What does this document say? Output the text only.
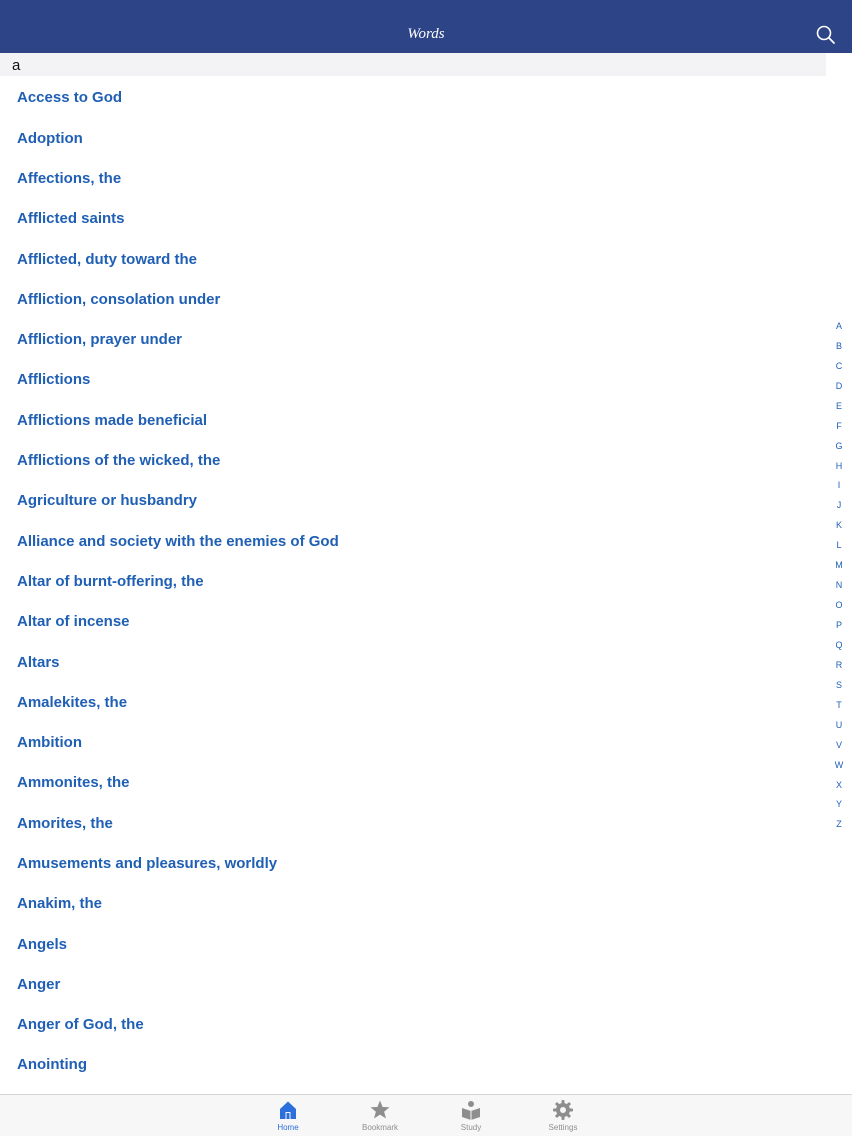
Words
a
Access to God
Adoption
Affections, the
Afflicted saints
Afflicted, duty toward the
Affliction, consolation under
Affliction, prayer under
Afflictions
Afflictions made beneficial
Afflictions of the wicked, the
Agriculture or husbandry
Alliance and society with the enemies of God
Altar of burnt-offering, the
Altar of incense
Altars
Amalekites, the
Ambition
Ammonites, the
Amorites, the
Amusements and pleasures, worldly
Anakim, the
Angels
Anger
Anger of God, the
Anointing
A
B
C
D
E
F
G
H
I
J
K
L
M
N
O
P
Q
R
S
T
U
V
W
X
Y
Z
Home	Bookmark	Study	Settings
